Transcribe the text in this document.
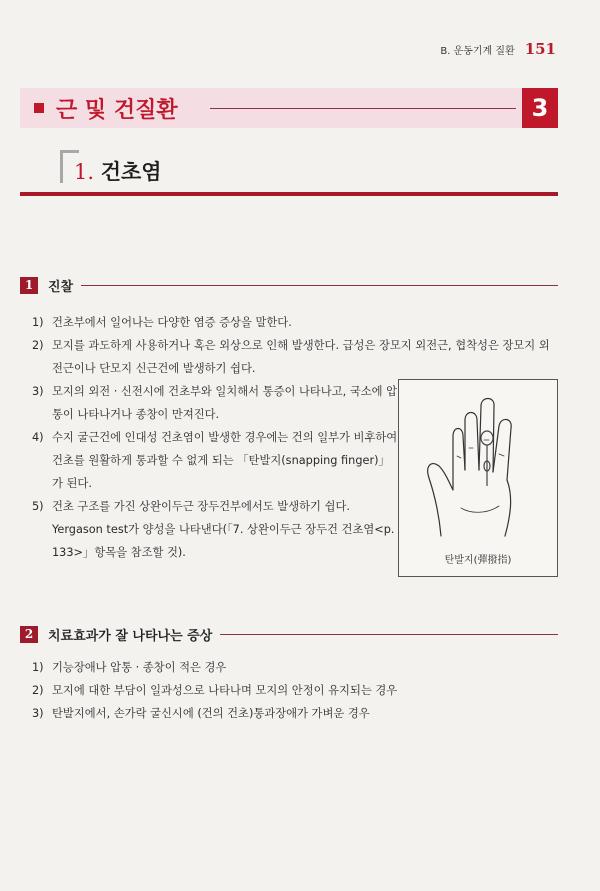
B. 운동기계 질환 151
근 및 건질환	3
1. 건초염
1	진찰
1) 건초부에서 일어나는 다양한 염증 증상을 말한다.
2) 모지를 과도하게 사용하거나 혹은 외상으로 인해 발생한다. 급성은 장모지 외전근, 협착성은 장모지 외전근이나 단모지 신근건에 발생하기 쉽다.
3) 모지의 외전 · 신전시에 건초부와 일치해서 통증이 나타나고, 국소에 압통이 나타나거나 종창이 만져진다.
4) 수지 굴근건에 인대성 건초염이 발생한 경우에는 건의 일부가 비후하여 건초를 원활하게 통과할 수 없게 되는 「탄발지(snapping finger)」가 된다.
5) 건초 구조를 가진 상완이두근 장두건부에서도 발생하기 쉽다. Yergason test가 양성을 나타낸다(「7. 상완이두근 장두건 건초염<p. 133>」항목을 참조할 것).
탄발지(彈撥指)
2	치료효과가 잘 나타나는 증상
1) 기능장애나 압통 · 종창이 적은 경우
2) 모지에 대한 부담이 일과성으로 나타나며 모지의 안정이 유지되는 경우
3) 탄발지에서, 손가락 굴신시에 (건의 건초)통과장애가 가벼운 경우
